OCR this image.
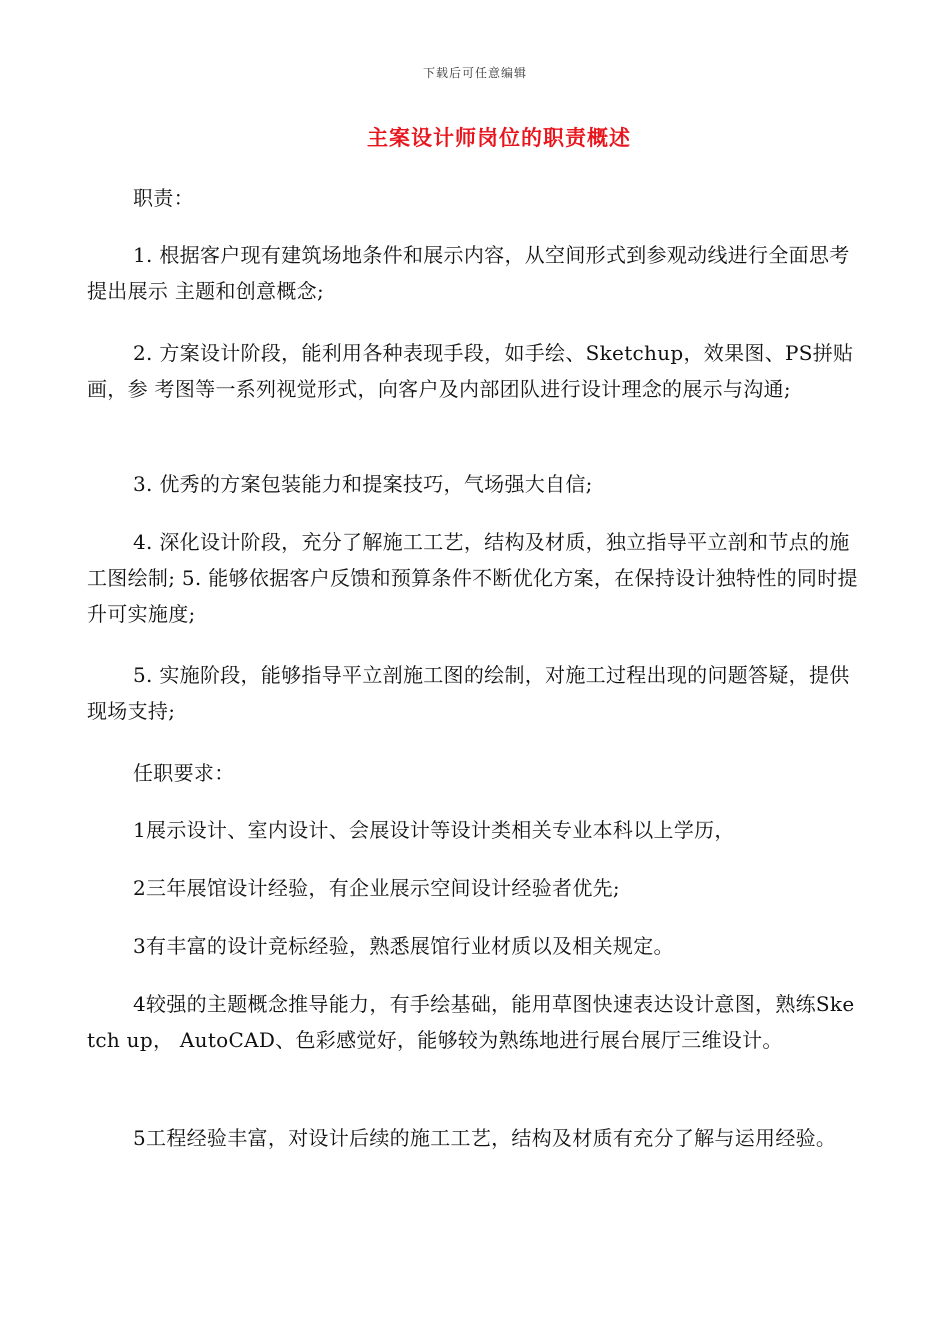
下载后可任意编辑
主案设计师岗位的职责概述

职责：

1. 根据客户现有建筑场地条件和展示内容，从空间形式到参观动线进行全面思考提出展示 主题和创意概念;

2. 方案设计阶段，能利用各种表现手段，如手绘、Sketchup，效果图、PS拼贴画，参 考图等一系列视觉形式，向客户及内部团队进行设计理念的展示与沟通;

3. 优秀的方案包装能力和提案技巧，气场强大自信;

4. 深化设计阶段，充分了解施工工艺，结构及材质，独立指导平立剖和节点的施工图绘制; 5. 能够依据客户反馈和预算条件不断优化方案，在保持设计独特性的同时提升可实施度;

5. 实施阶段，能够指导平立剖施工图的绘制，对施工过程出现的问题答疑，提供现场支持;

任职要求：

1展示设计、室内设计、会展设计等设计类相关专业本科以上学历，

2三年展馆设计经验，有企业展示空间设计经验者优先;

3有丰富的设计竞标经验，熟悉展馆行业材质以及相关规定。

4较强的主题概念推导能力，有手绘基础，能用草图快速表达设计意图，熟练Sketch up， AutoCAD、色彩感觉好，能够较为熟练地进行展台展厅三维设计。

5工程经验丰富，对设计后续的施工工艺，结构及材质有充分了解与运用经验。
